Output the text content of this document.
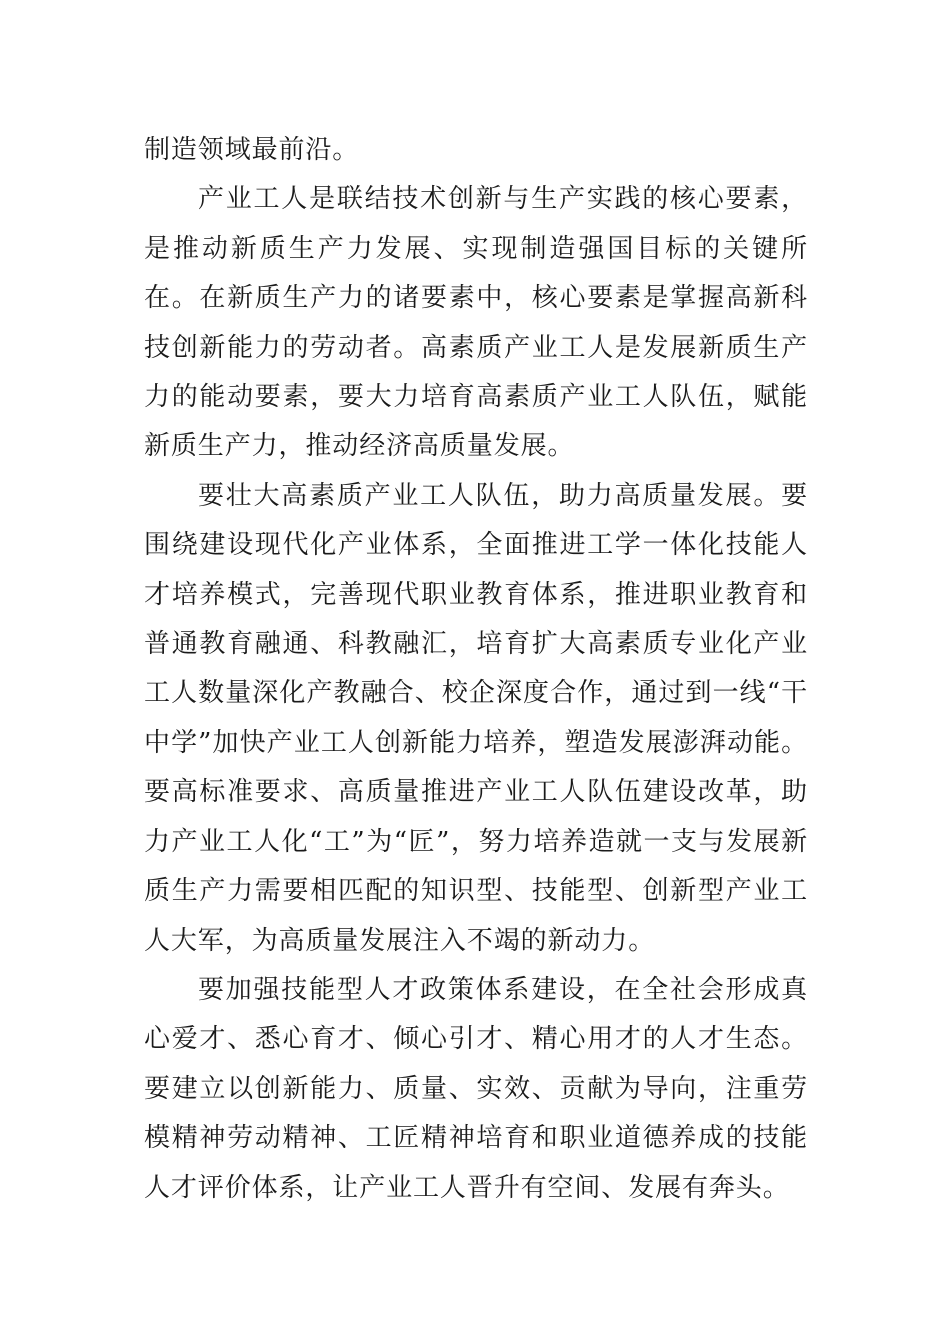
制造领域最前沿。

产业工人是联结技术创新与生产实践的核心要素，是推动新质生产力发展、实现制造强国目标的关键所在。在新质生产力的诸要素中，核心要素是掌握高新科技创新能力的劳动者。高素质产业工人是发展新质生产力的能动要素，要大力培育高素质产业工人队伍，赋能新质生产力，推动经济高质量发展。

要壮大高素质产业工人队伍，助力高质量发展。要围绕建设现代化产业体系，全面推进工学一体化技能人才培养模式，完善现代职业教育体系，推进职业教育和普通教育融通、科教融汇，培育扩大高素质专业化产业工人数量深化产教融合、校企深度合作，通过到一线“干中学”加快产业工人创新能力培养，塑造发展澎湃动能。要高标准要求、高质量推进产业工人队伍建设改革，助力产业工人化“工”为“匠”，努力培养造就一支与发展新质生产力需要相匹配的知识型、技能型、创新型产业工人大军，为高质量发展注入不竭的新动力。

要加强技能型人才政策体系建设，在全社会形成真心爱才、悉心育才、倾心引才、精心用才的人才生态。要建立以创新能力、质量、实效、贡献为导向，注重劳模精神劳动精神、工匠精神培育和职业道德养成的技能人才评价体系，让产业工人晋升有空间、发展有奔头。
